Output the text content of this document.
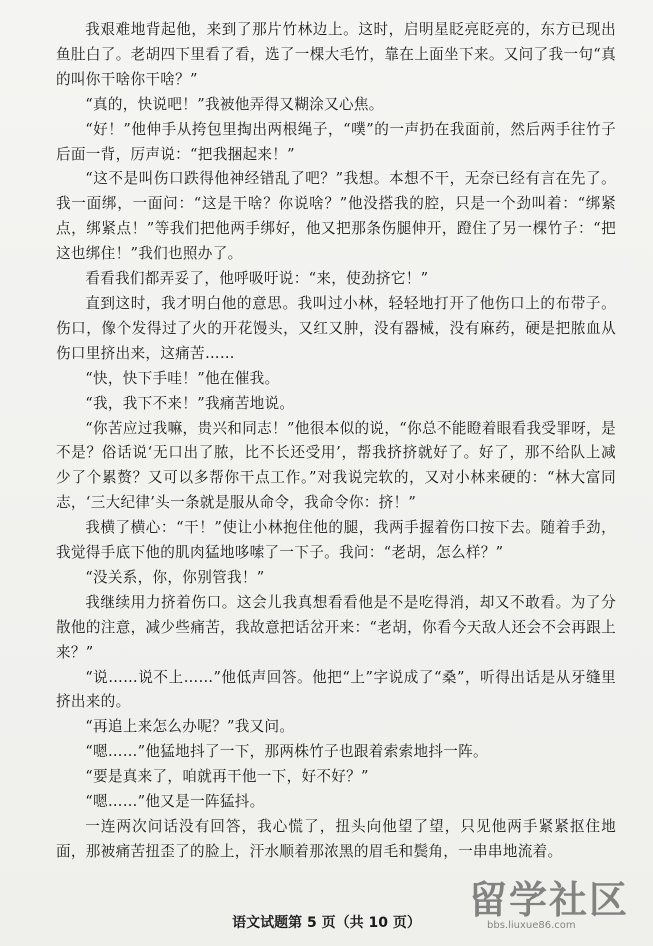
我艰难地背起他，来到了那片竹林边上。这时，启明星眨亮眨亮的，东方已现出鱼肚白了。老胡四下里看了看，选了一棵大毛竹，靠在上面坐下来。又问了我一句“真的叫你干啥你干啥？”

“真的，快说吧！”我被他弄得又糊涂又心焦。

“好！”他伸手从挎包里掏出两根绳子，“噗”的一声扔在我面前，然后两手往竹子后面一背，厉声说：“把我捆起来！”

“这不是叫伤口跌得他神经错乱了吧？”我想。本想不干，无奈已经有言在先了。我一面绑，一面问：“这是干啥？你说啥？”他没搭我的腔，只是一个劲叫着：“绑紧点，绑紧点！”等我们把他两手绑好，他又把那条伤腿伸开，蹬住了另一棵竹子：“把这也绑住！”我们也照办了。

看看我们都弄妥了，他呼吸吁说：“来，使劲挤它！”

直到这时，我才明白他的意思。我叫过小林，轻轻地打开了他伤口上的布带子。伤口，像个发得过了火的开花馒头，又红又肿，没有器械，没有麻药，硬是把脓血从伤口里挤出来，这痛苦……

“快，快下手哇！”他在催我。

“我，我下不来！”我痛苦地说。

“你苦应过我嘛，贵兴和同志！”他很本似的说，“你总不能瞪着眼看我受罪呀，是不是？俗话说‘无口出了脓，比不长还受用’，帮我挤挤就好了。好了，那不给队上减少了个累赘？又可以多帮你干点工作。”对我说完软的，又对小林来硬的：“林大富同志，‘三大纪律’头一条就是服从命令，我命令你：挤！”

我横了横心：“干！”使让小林抱住他的腿，我两手握着伤口按下去。随着手劲，我觉得手底下他的肌肉猛地哆嗦了一下子。我问：“老胡，怎么样？”

“没关系，你，你别管我！”

我继续用力挤着伤口。这会儿我真想看看他是不是吃得消，却又不敢看。为了分散他的注意，减少些痛苦，我故意把话岔开来：“老胡，你看今天敌人还会不会再跟上来？”

“说……说不上……”他低声回答。他把“上”字说成了“桑”，听得出话是从牙缝里挤出来的。

“再追上来怎么办呢？”我又问。

“嗯……”他猛地抖了一下，那两株竹子也跟着索索地抖一阵。

“要是真来了，咱就再干他一下，好不好？”

“嗯……”他又是一阵猛抖。

一连两次问话没有回答，我心慌了，扭头向他望了望，只见他两手紧紧抠住地面，那被痛苦扭歪了的脸上，汗水顺着那浓黑的眉毛和鬓角，一串串地流着。

语文试题第 5 页（共 10 页）
留学社区
bbs.liuxue86.com
